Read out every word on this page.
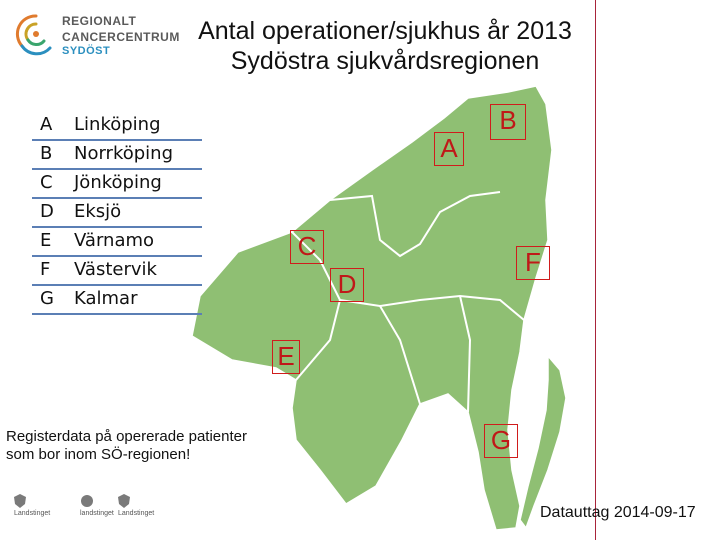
REGIONALT
CANCERCENTRUM
SYDÖST
Antal operationer/sjukhus år 2013
Sydöstra sjukvårdsregionen
A Linköping
B Norrköping
C Jönköping
D Eksjö
E Värnamo
F Västervik
G Kalmar
A
B
C
D
E
F
G
Registerdata på opererade patienter
som bor inom SÖ-regionen!
Landstinget	landstinget Landstinget	Datauttag 2014-09-17
